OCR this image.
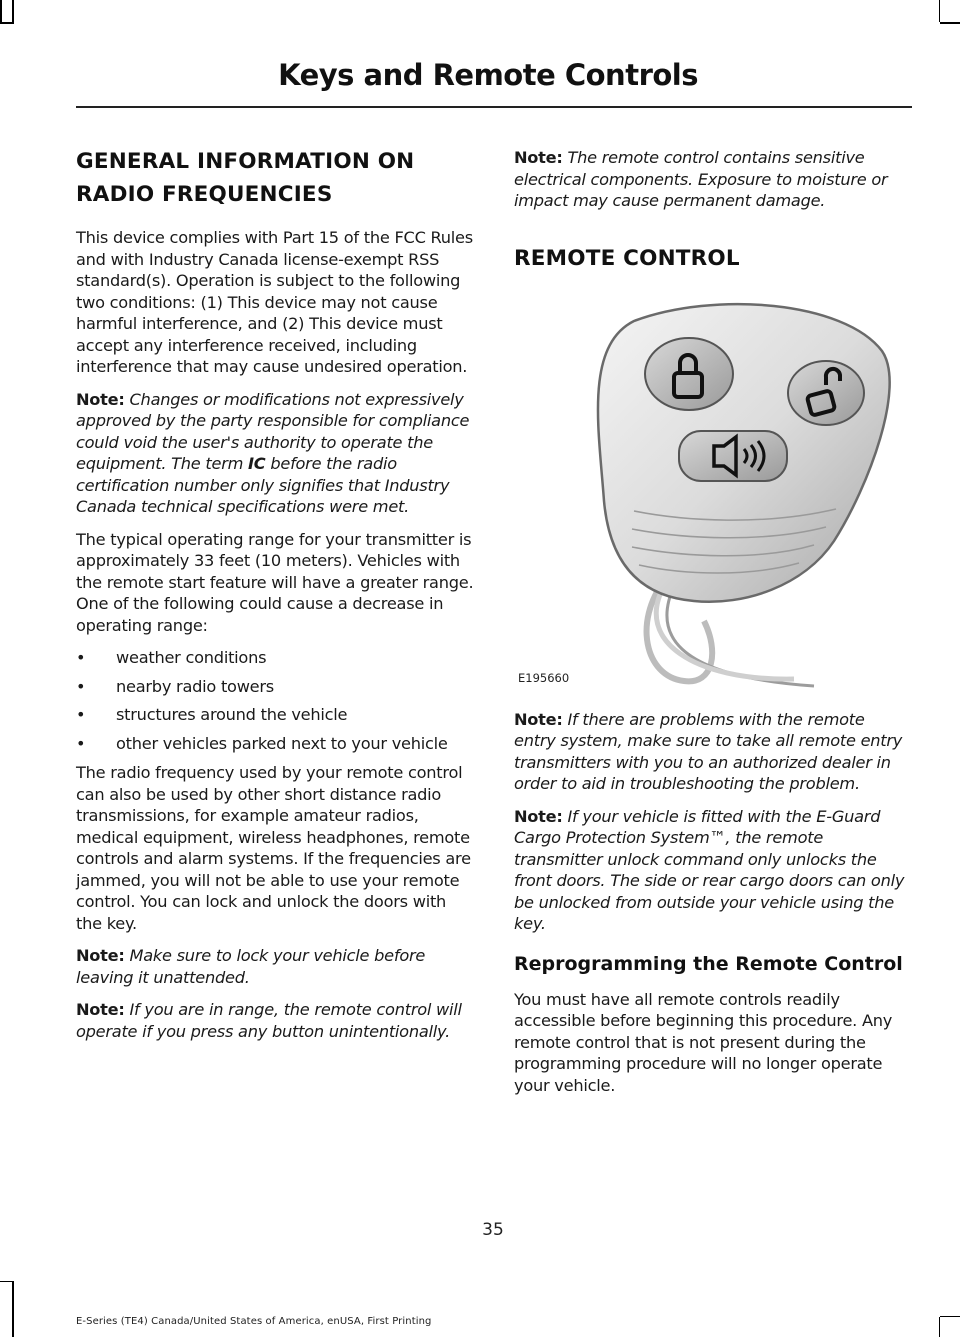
Keys and Remote Controls
GENERAL INFORMATION ON RADIO FREQUENCIES

This device complies with Part 15 of the FCC Rules and with Industry Canada license-exempt RSS standard(s). Operation is subject to the following two conditions: (1) This device may not cause harmful interference, and (2) This device must accept any interference received, including interference that may cause undesired operation.

Note: Changes or modifications not expressively approved by the party responsible for compliance could void the user's authority to operate the equipment. The term IC before the radio certification number only signifies that Industry Canada technical specifications were met.

The typical operating range for your transmitter is approximately 33 feet (10 meters). Vehicles with the remote start feature will have a greater range. One of the following could cause a decrease in operating range:

• weather conditions
• nearby radio towers
• structures around the vehicle
• other vehicles parked next to your vehicle

The radio frequency used by your remote control can also be used by other short distance radio transmissions, for example amateur radios, medical equipment, wireless headphones, remote controls and alarm systems. If the frequencies are jammed, you will not be able to use your remote control. You can lock and unlock the doors with the key.

Note: Make sure to lock your vehicle before leaving it unattended.

Note: If you are in range, the remote control will operate if you press any button unintentionally.

Note: The remote control contains sensitive electrical components. Exposure to moisture or impact may cause permanent damage.

REMOTE CONTROL
E195660

Note: If there are problems with the remote entry system, make sure to take all remote entry transmitters with you to an authorized dealer in order to aid in troubleshooting the problem.

Note: If your vehicle is fitted with the E-Guard Cargo Protection System™, the remote transmitter unlock command only unlocks the front doors. The side or rear cargo doors can only be unlocked from outside your vehicle using the key.

Reprogramming the Remote Control

You must have all remote controls readily accessible before beginning this procedure. Any remote control that is not present during the programming procedure will no longer operate your vehicle.

35
E-Series (TE4) Canada/United States of America, enUSA, First Printing
